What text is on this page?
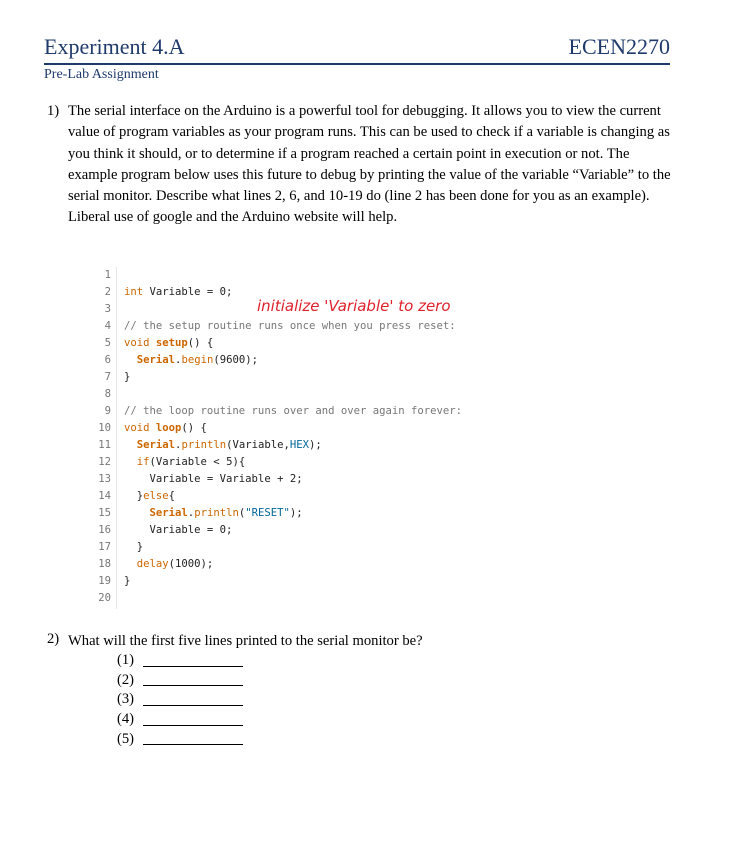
Experiment 4.A	ECEN2270
Pre-Lab Assignment
1) The serial interface on the Arduino is a powerful tool for debugging. It allows you to view the current value of program variables as your program runs. This can be used to check if a variable is changing as you think it should, or to determine if a program reached a certain point in execution or not. The example program below uses this future to debug by printing the value of the variable “Variable” to the serial monitor. Describe what lines 2, 6, and 10-19 do (line 2 has been done for you as an example). Liberal use of google and the Arduino website will help.
1
2 int Variable = 0;
initialize 'Variable' to zero
3
4 // the setup routine runs once when you press reset:
5 void setup() {
6	Serial.begin(9600);
7 }
8
9 // the loop routine runs over and over again forever:
10 void loop() {
11	Serial.println(Variable,HEX);
12	if(Variable < 5){
13 Variable = Variable + 2;
14 }else{
15	Serial.println("RESET");
16 Variable = 0;
17 }
18	delay(1000);
19 }
20
2) What will the first five lines printed to the serial monitor be?
(1)
(2)
(3)
(4)
(5)
